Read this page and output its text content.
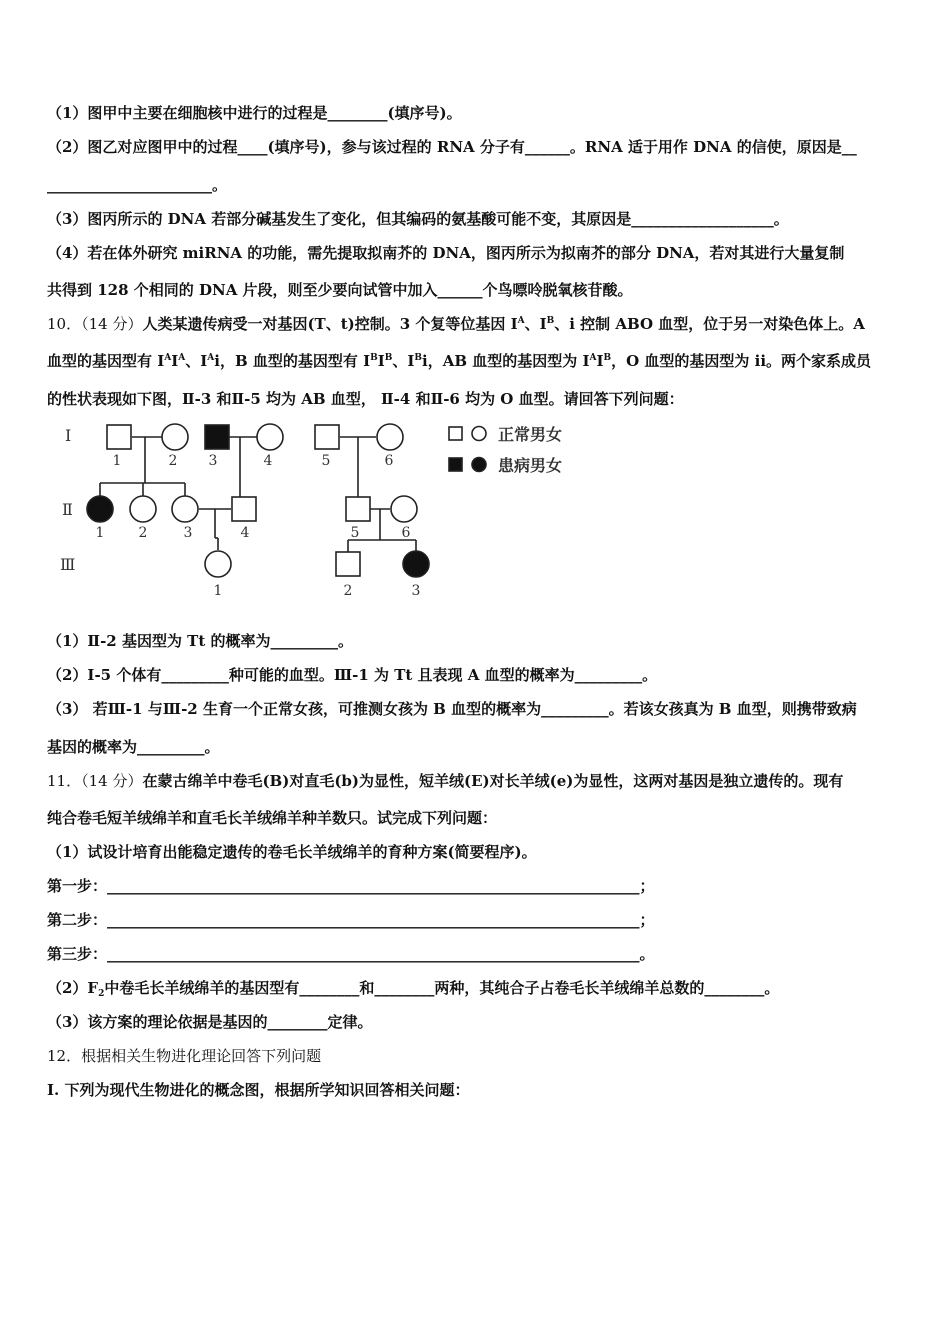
（1）图甲中主要在细胞核中进行的过程是________(填序号)。
（2）图乙对应图甲中的过程____(填序号)，参与该过程的 RNA 分子有______。RNA 适于用作 DNA 的信使，原因是__
______________________。
（3）图丙所示的 DNA 若部分碱基发生了变化，但其编码的氨基酸可能不变，其原因是___________________。
（4）若在体外研究 miRNA 的功能，需先提取拟南芥的 DNA，图丙所示为拟南芥的部分 DNA，若对其进行大量复制
共得到 128 个相同的 DNA 片段，则至少要向试管中加入______个鸟嘌呤脱氧核苷酸。
10．（14 分）人类某遗传病受一对基因(T、t)控制。3 个复等位基因 $I^A$、$I^B$、i 控制 ABO 血型，位于另一对染色体上。A
血型的基因型有 $I^AI^A$、$I^Ai$，B 血型的基因型有 $I^BI^B$、$I^Bi$，AB 血型的基因型为 $I^AI^B$，O 血型的基因型为 ii。两个家系成员
的性状表现如下图，Ⅱ-3 和Ⅱ-5 均为 AB 血型， Ⅱ-4 和Ⅱ-6 均为 O 血型。请回答下列问题：
Ⅰ
Ⅱ
Ⅲ
1	2 3	4	5	6
1 2	3	4	5	6
1	2	3
正常男女
患病男女
（1）Ⅱ-2 基因型为 Tt 的概率为_________。
（2）Ⅰ-5 个体有_________种可能的血型。Ⅲ-1 为 Tt 且表现 A 血型的概率为_________。
（3） 若Ⅲ-1 与Ⅲ-2 生育一个正常女孩，可推测女孩为 B 血型的概率为_________。若该女孩真为 B 血型，则携带致病
基因的概率为_________。
11．（14 分）在蒙古绵羊中卷毛(B)对直毛(b)为显性，短羊绒(E)对长羊绒(e)为显性，这两对基因是独立遗传的。现有
纯合卷毛短羊绒绵羊和直毛长羊绒绵羊种羊数只。试完成下列问题：
（1）试设计培育出能稳定遗传的卷毛长羊绒绵羊的育种方案(简要程序)。
第一步：_______________________________________________________________________；
第二步：_______________________________________________________________________；
第三步：_______________________________________________________________________。
$(2)F_2$中卷毛长羊绒绵羊的基因型有________和________两种，其纯合子占卷毛长羊绒绵羊总数的________。
（3）该方案的理论依据是基因的________定律。
12．根据相关生物进化理论回答下列问题
I. 下列为现代生物进化的概念图，根据所学知识回答相关问题：
